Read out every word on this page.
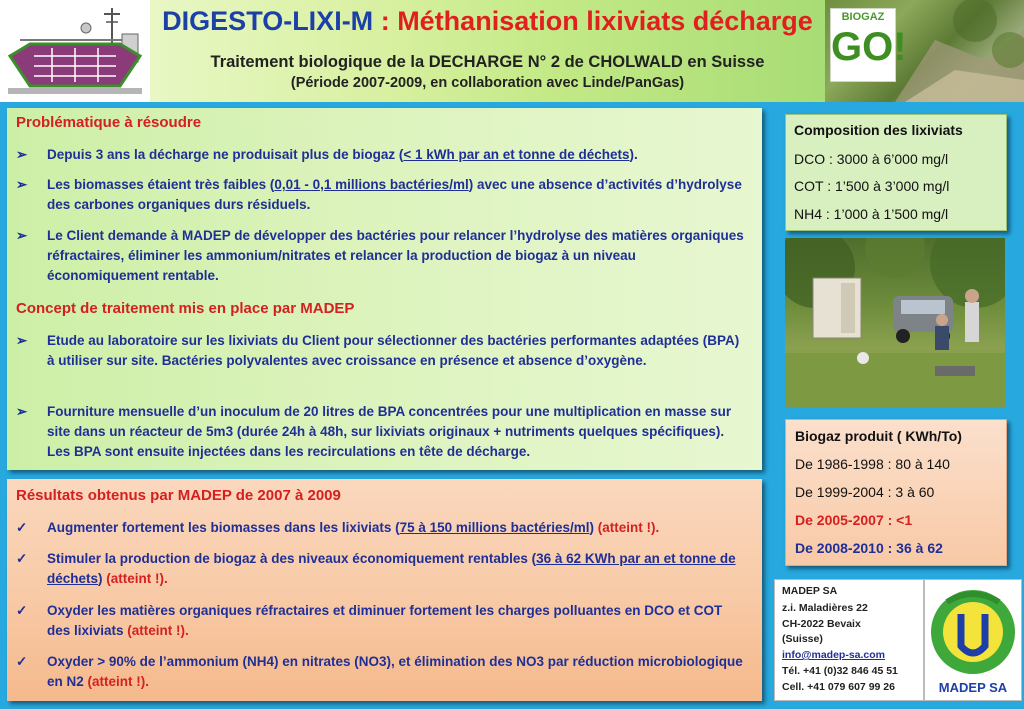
DIGESTO-LIXI-M : Méthanisation lixiviats décharge
Traitement biologique de la DECHARGE N° 2 de CHOLWALD en Suisse
(Période 2007-2009, en collaboration avec Linde/PanGas)
BIOGAZ
GO!
Problématique à résoudre
➢	Depuis 3 ans la décharge ne produisait plus de biogaz (< 1 kWh par an et tonne de déchets).
➢	Les biomasses étaient très faibles (0,01 - 0,1 millions bactéries/ml) avec une absence d’activités d’hydrolyse des carbones organiques durs résiduels.
➢	Le Client demande à MADEP de développer des bactéries pour relancer l’hydrolyse des matières organiques réfractaires, éliminer les ammonium/nitrates et relancer la production de biogaz à un niveau économiquement rentable.
Concept de traitement mis en place par MADEP
➢	Etude au laboratoire sur les lixiviats du Client pour sélectionner des bactéries performantes adaptées (BPA) à utiliser sur site. Bactéries polyvalentes avec croissance en présence et absence d’oxygène.
➢	Fourniture mensuelle d’un inoculum de 20 litres de BPA concentrées pour une multiplication en masse sur site dans un réacteur de 5m3 (durée 24h à 48h, sur lixiviats originaux + nutriments quelques spécifiques). Les BPA sont ensuite injectées dans les recirculations en tête de décharge.
Résultats obtenus par MADEP de 2007 à 2009
✓	Augmenter fortement les biomasses dans les lixiviats (75 à 150 millions bactéries/ml) (atteint !).
✓	Stimuler la production de biogaz à des niveaux économiquement rentables (36 à 62 KWh par an et tonne de déchets) (atteint !).
✓	Oxyder les matières organiques réfractaires et diminuer fortement les charges polluantes en DCO et COT des lixiviats (atteint !).
✓	Oxyder > 90% de l’ammonium (NH4) en nitrates (NO3), et élimination des NO3 par réduction microbiologique en N2 (atteint !).
Composition des lixiviats
DCO : 3000 à 6’000 mg/l
COT : 1’500 à 3’000 mg/l
NH4 : 1’000 à 1’500 mg/l
Biogaz produit ( KWh/To)
De 1986-1998 : 80 à 140
De 1999-2004 : 3 à 60
De 2005-2007 : <1
De 2008-2010 : 36 à 62
MADEP SA
z.i. Maladières 22
CH-2022 Bevaix
(Suisse)
info@madep-sa.com
Tél. +41 (0)32 846 45 51
Cell. +41 079 607 99 26	MADEP SA
